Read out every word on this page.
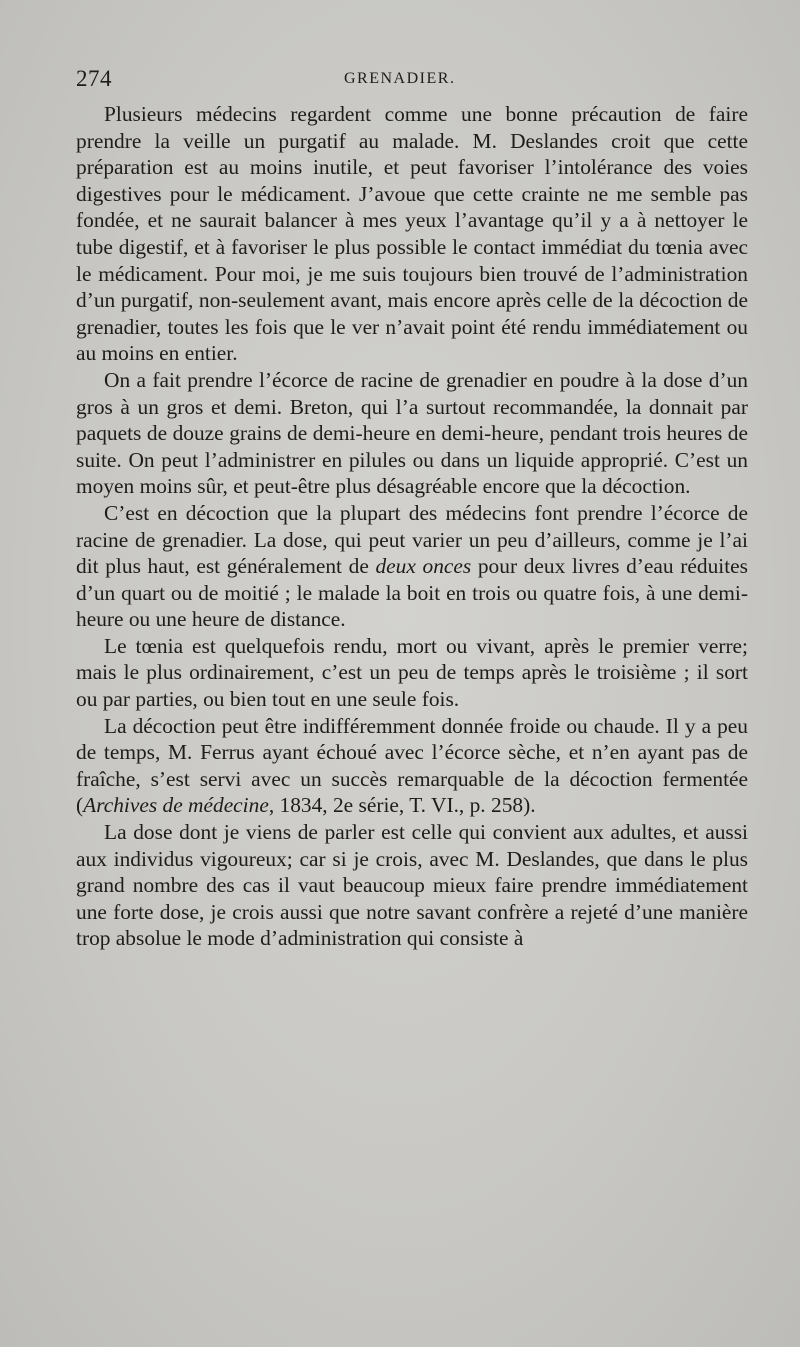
274	GRENADIER.

Plusieurs médecins regardent comme une bonne précaution de faire prendre la veille un purgatif au malade. M. Deslandes croit que cette préparation est au moins inutile, et peut favoriser l’intolérance des voies digestives pour le médicament. J’avoue que cette crainte ne me semble pas fondée, et ne saurait balancer à mes yeux l’avantage qu’il y a à nettoyer le tube digestif, et à favoriser le plus possible le contact immédiat du tœnia avec le médicament. Pour moi, je me suis toujours bien trouvé de l’administration d’un purgatif, non-seulement avant, mais encore après celle de la décoction de grenadier, toutes les fois que le ver n’avait point été rendu immédiatement ou au moins en entier.

On a fait prendre l’écorce de racine de grenadier en poudre à la dose d’un gros à un gros et demi. Breton, qui l’a surtout recommandée, la donnait par paquets de douze grains de demi-heure en demi-heure, pendant trois heures de suite. On peut l’administrer en pilules ou dans un liquide approprié. C’est un moyen moins sûr, et peut-être plus désagréable encore que la décoction.

C’est en décoction que la plupart des médecins font prendre l’écorce de racine de grenadier. La dose, qui peut varier un peu d’ailleurs, comme je l’ai dit plus haut, est généralement de deux onces pour deux livres d’eau réduites d’un quart ou de moitié ; le malade la boit en trois ou quatre fois, à une demi-heure ou une heure de distance.

Le tœnia est quelquefois rendu, mort ou vivant, après le premier verre; mais le plus ordinairement, c’est un peu de temps après le troisième ; il sort ou par parties, ou bien tout en une seule fois.

La décoction peut être indifféremment donnée froide ou chaude. Il y a peu de temps, M. Ferrus ayant échoué avec l’écorce sèche, et n’en ayant pas de fraîche, s’est servi avec un succès remarquable de la décoction fermentée (Archives de médecine, 1834, 2e série, T. VI., p. 258).

La dose dont je viens de parler est celle qui convient aux adultes, et aussi aux individus vigoureux; car si je crois, avec M. Deslandes, que dans le plus grand nombre des cas il vaut beaucoup mieux faire prendre immédiatement une forte dose, je crois aussi que notre savant confrère a rejeté d’une manière trop absolue le mode d’administration qui consiste à
